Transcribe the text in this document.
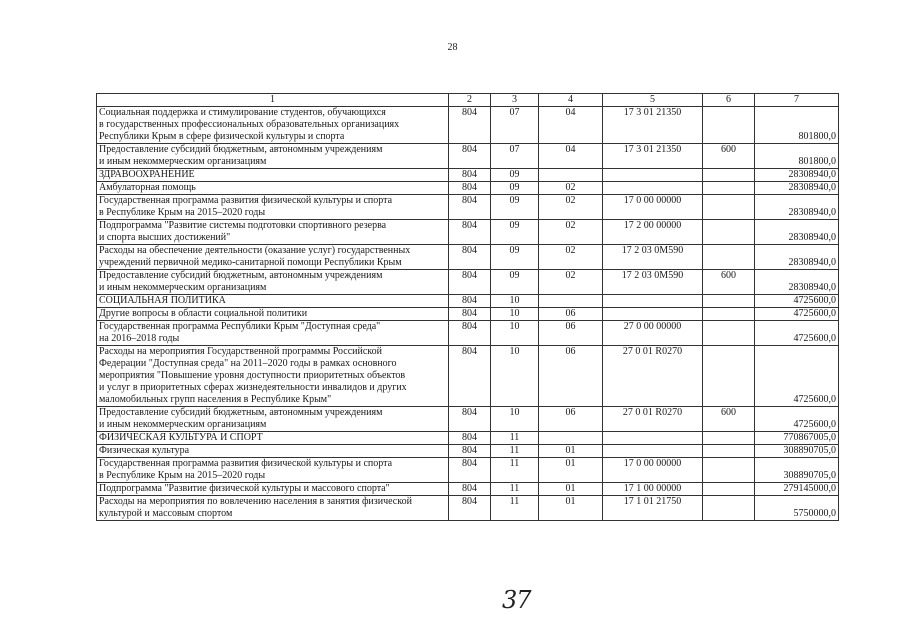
28
1	2	3	4	5	6	7

Социальная поддержка и стимулирование студентов, обучающихся
в государственных профессиональных образовательных организациях
Республики Крым в сфере физической культуры и спорта	804	07	04	17 3 01 21350		801800,0

Предоставление субсидий бюджетным, автономным учреждениям
и иным некоммерческим организациям	804	07	04	17 3 01 21350	600	801800,0

ЗДРАВООХРАНЕНИЕ	804	09				28308940,0

Амбулаторная помощь	804	09	02			28308940,0

Государственная программа развития физической культуры и спорта
в Республике Крым на 2015–2020 годы	804	09	02	17 0 00 00000		28308940,0

Подпрограмма "Развитие системы подготовки спортивного резерва
и спорта высших достижений"	804	09	02	17 2 00 00000		28308940,0

Расходы на обеспечение деятельности (оказание услуг) государственных
учреждений первичной медико-санитарной помощи Республики Крым	804	09	02	17 2 03 0М590		28308940,0

Предоставление субсидий бюджетным, автономным учреждениям
и иным некоммерческим организациям	804	09	02	17 2 03 0М590	600	28308940,0

СОЦИАЛЬНАЯ ПОЛИТИКА	804	10				4725600,0

Другие вопросы в области социальной политики	804	10	06			4725600,0

Государственная программа Республики Крым "Доступная среда"
на 2016–2018 годы	804	10	06	27 0 00 00000		4725600,0

Расходы на мероприятия Государственной программы Российской
Федерации "Доступная среда" на 2011–2020 годы в рамках основного
мероприятия "Повышение уровня доступности приоритетных объектов
и услуг в приоритетных сферах жизнедеятельности инвалидов и других
маломобильных групп населения в Республике Крым"	804	10	06	27 0 01 R0270		4725600,0

Предоставление субсидий бюджетным, автономным учреждениям
и иным некоммерческим организациям	804	10	06	27 0 01 R0270	600	4725600,0

ФИЗИЧЕСКАЯ КУЛЬТУРА И СПОРТ	804	11				770867005,0

Физическая культура	804	11	01			308890705,0

Государственная программа развития физической культуры и спорта
в Республике Крым на 2015–2020 годы	804	11	01	17 0 00 00000		308890705,0

Подпрограмма "Развитие физической культуры и массового спорта"	804	11	01	17 1 00 00000		279145000,0

Расходы на мероприятия по вовлечению населения в занятия физической
культурой и массовым спортом	804	11	01	17 1 01 21750		5750000,0
37
